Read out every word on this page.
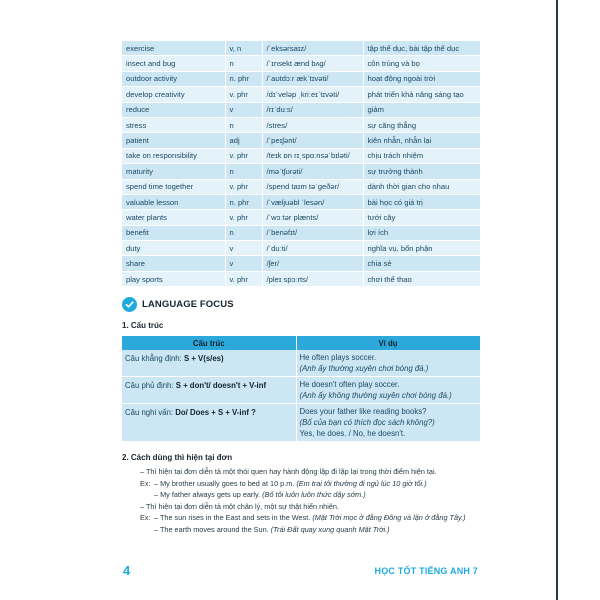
exercise	v, n	/ˈeksərsaɪz/	tập thể dục, bài tập thể dục
insect and bug	n	/ˈɪnsekt ænd bʌg/	côn trùng và bọ
outdoor activity	n. phr	/ˈaʊtdɔːr ækˈtɪvəti/	hoạt động ngoài trời
develop creativity	v. phr	/dɪˈveləp ˌkriːeɪˈtɪvəti/	phát triển khả năng sáng tạo
reduce	v	/rɪˈduːs/	giảm
stress	n	/stres/	sự căng thẳng
patient	adj	/ˈpeɪʃənt/	kiên nhẫn, nhẫn lại
take on responsibility	v. phr	/teɪk ɒn rɪˌspɑːnsəˈbɪləti/	chịu trách nhiệm
maturity	n	/məˈtʃʊrəti/	sự trưởng thành
spend time together	v. phr	/spend taɪm təˈɡeðər/	dành thời gian cho nhau
valuable lesson	n. phr	/ˈvæljuəbl ˈlesən/	bài học có giá trị
water plants	v. phr	/ˈwɔːtər plænts/	tưới cây
benefit	n	/ˈbenəfɪt/	lợi ích
duty	v	/ˈduːti/	nghĩa vụ, bổn phận
share	v	/ʃer/	chia sẻ
play sports	v. phr	/pleɪ spɔːrts/	chơi thể thao
LANGUAGE FOCUS
1. Cấu trúc
Cấu trúc	Ví dụ
Câu khẳng định: S + V(s/es)	He often plays soccer.
(Anh ấy thường xuyên chơi bóng đá.)

Câu phủ định: S + don't/ doesn't + V-inf	He doesn't often play soccer.
(Anh ấy không thường xuyên chơi bóng đá.)

Câu nghi vấn: Do/ Does + S + V-inf ?	Does your father like reading books?
(Bố của bạn có thích đọc sách không?)
Yes, he does. / No, he doesn't.
2. Cách dùng thì hiện tại đơn
– Thì hiện tại đơn diễn tả một thói quen hay hành động lặp đi lặp lại trong thời điểm hiện tại.
Ex: – My brother usually goes to bed at 10 p.m. (Em trai tôi thường đi ngủ lúc 10 giờ tối.)
– My father always gets up early. (Bố tôi luôn luôn thức dậy sớm.)
– Thì hiện tại đơn diễn tả một chân lý, một sự thật hiển nhiên.
Ex: – The sun rises in the East and sets in the West. (Mặt Trời mọc ở đằng Đông và lặn ở đằng Tây.)
– The earth moves around the Sun. (Trái Đất quay xung quanh Mặt Trời.)
4	HỌC TỐT TIẾNG ANH 7
